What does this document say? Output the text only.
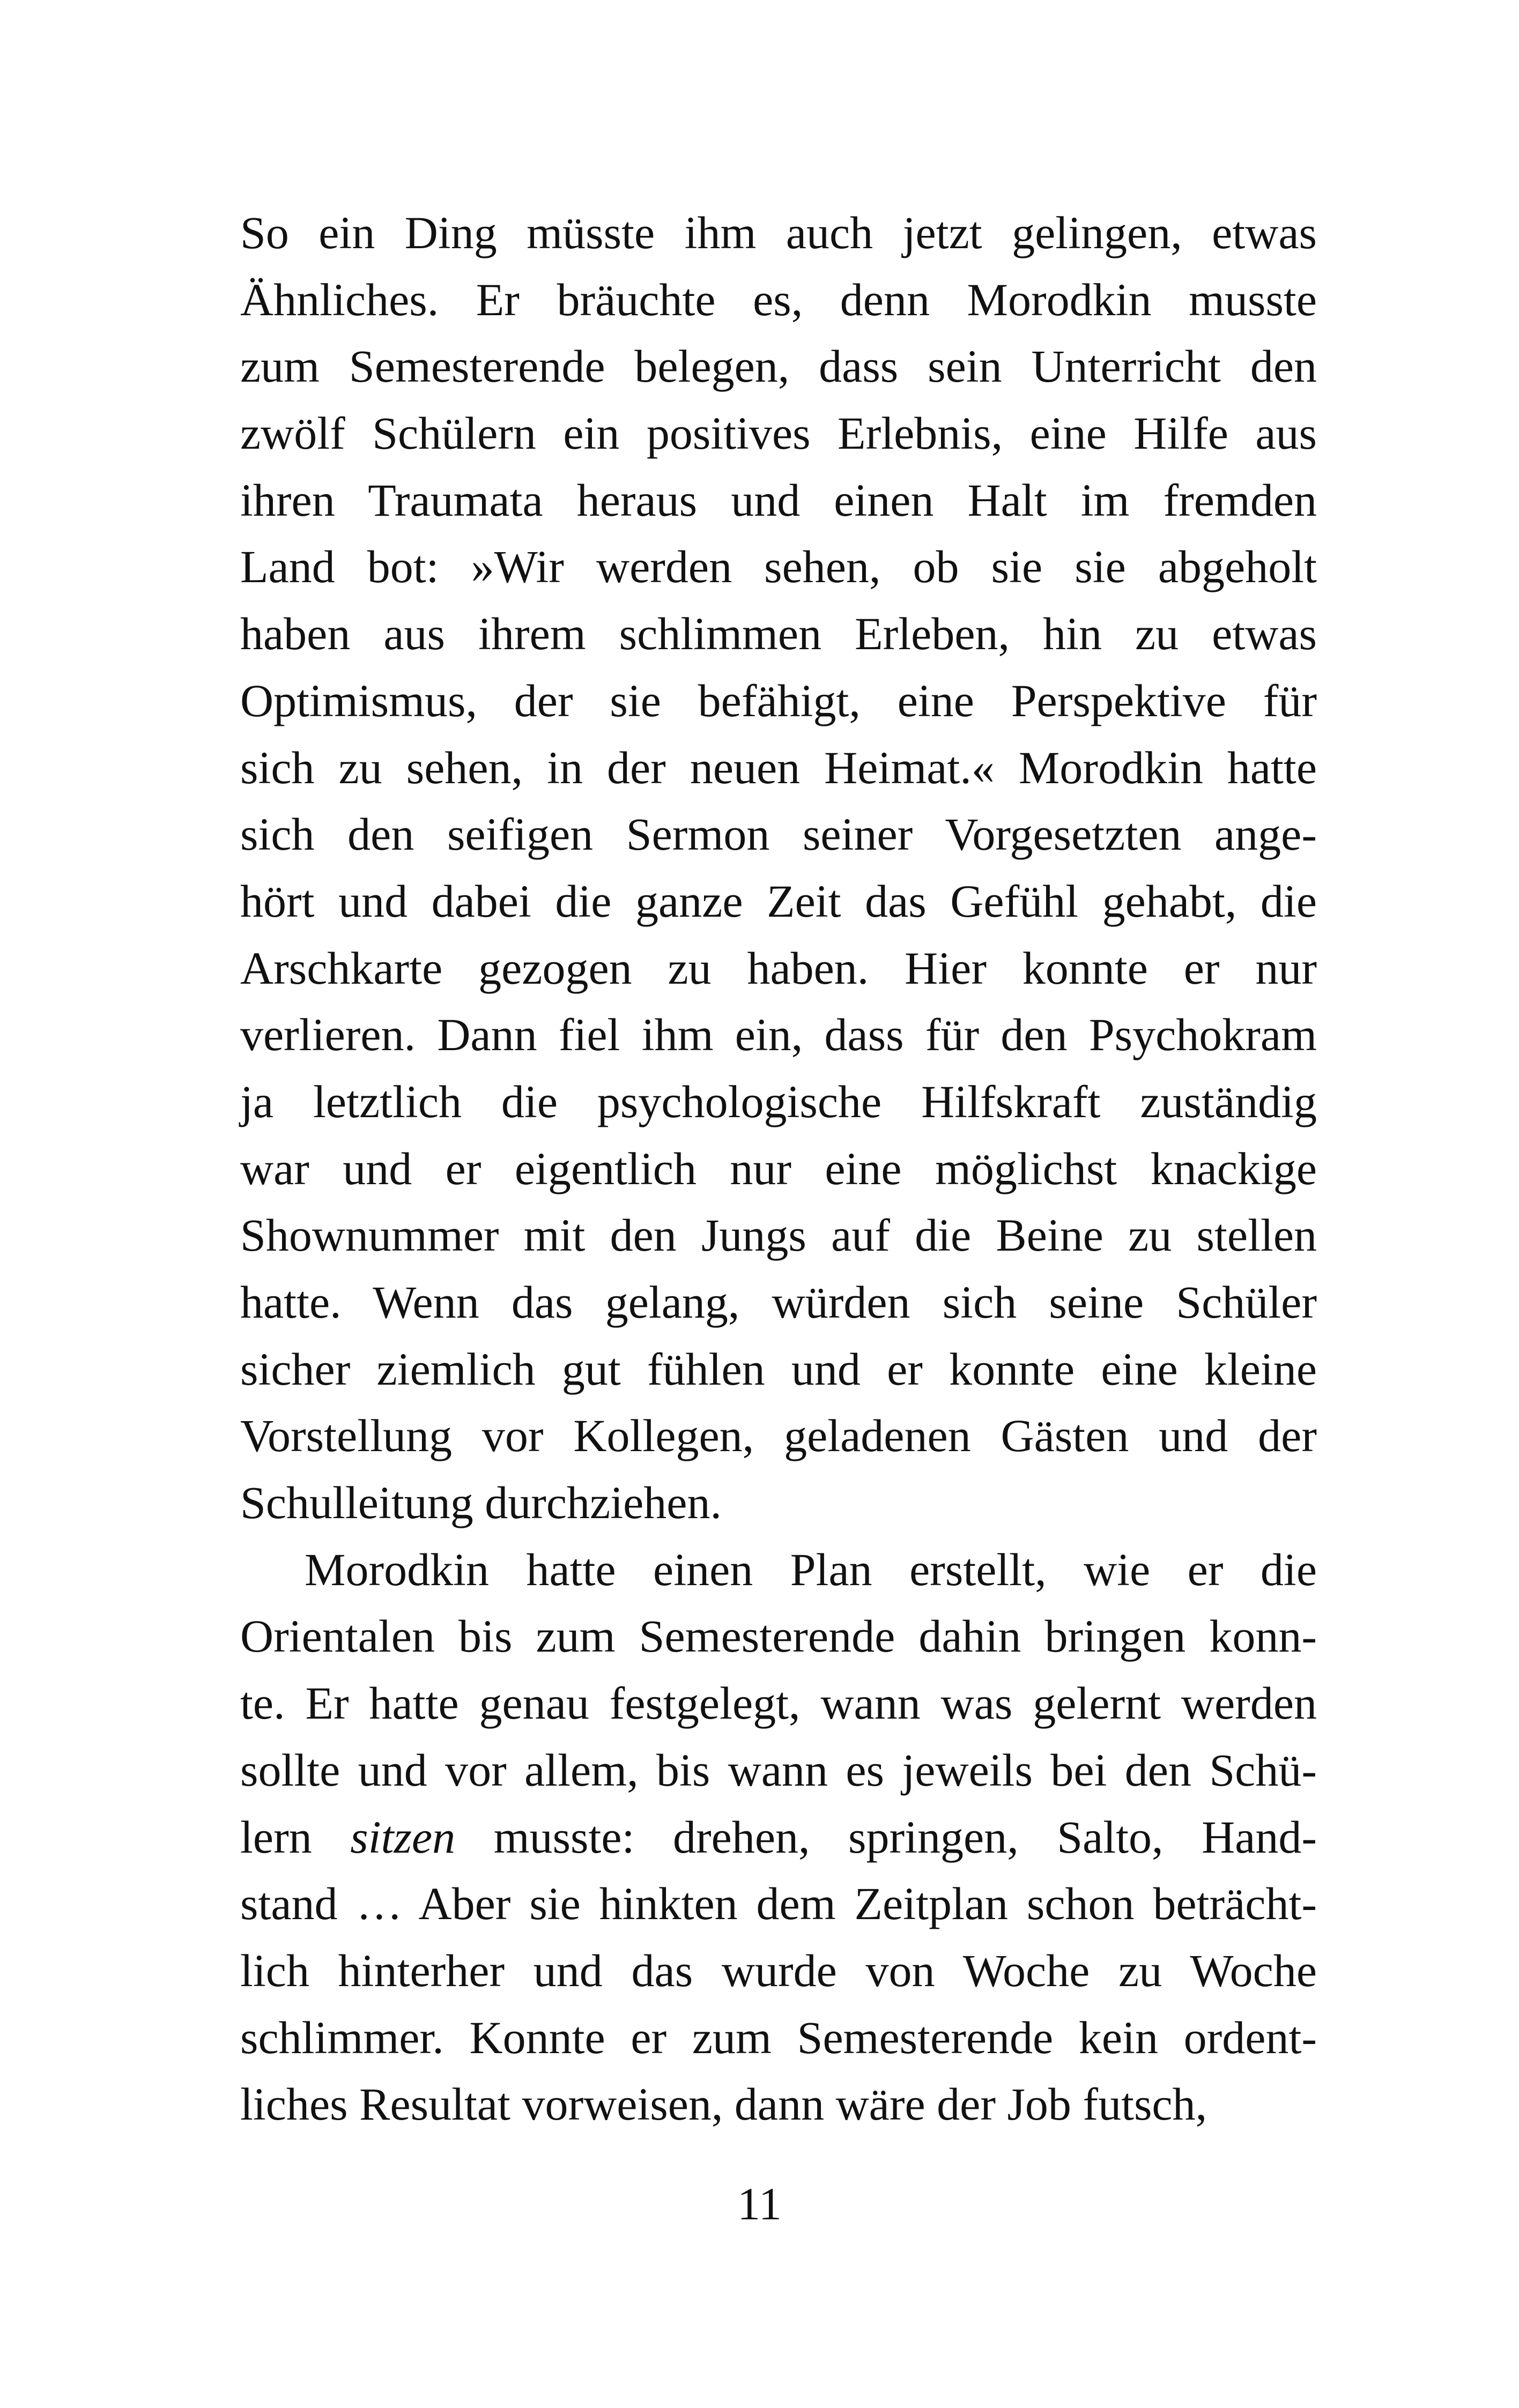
So ein Ding müsste ihm auch jetzt gelingen, etwas
Ähnliches. Er bräuchte es, denn Morodkin musste
zum Semesterende belegen, dass sein Unterricht den
zwölf Schülern ein positives Erlebnis, eine Hilfe aus
ihren Traumata heraus und einen Halt im fremden
Land bot: »Wir werden sehen, ob sie sie abgeholt
haben aus ihrem schlimmen Erleben, hin zu etwas
Optimismus, der sie befähigt, eine Perspektive für
sich zu sehen, in der neuen Heimat.« Morodkin hatte
sich den seifigen Sermon seiner Vorgesetzten ange-
hört und dabei die ganze Zeit das Gefühl gehabt, die
Arschkarte gezogen zu haben. Hier konnte er nur
verlieren. Dann fiel ihm ein, dass für den Psychokram
ja letztlich die psychologische Hilfskraft zuständig
war und er eigentlich nur eine möglichst knackige
Shownummer mit den Jungs auf die Beine zu stellen
hatte. Wenn das gelang, würden sich seine Schüler
sicher ziemlich gut fühlen und er konnte eine kleine
Vorstellung vor Kollegen, geladenen Gästen und der
Schulleitung durchziehen.
Morodkin hatte einen Plan erstellt, wie er die
Orientalen bis zum Semesterende dahin bringen konn-
te. Er hatte genau festgelegt, wann was gelernt werden
sollte und vor allem, bis wann es jeweils bei den Schü-
lern sitzen musste: drehen, springen, Salto, Hand-
stand … Aber sie hinkten dem Zeitplan schon beträcht-
lich hinterher und das wurde von Woche zu Woche
schlimmer. Konnte er zum Semesterende kein ordent-
liches Resultat vorweisen, dann wäre der Job futsch,
11
